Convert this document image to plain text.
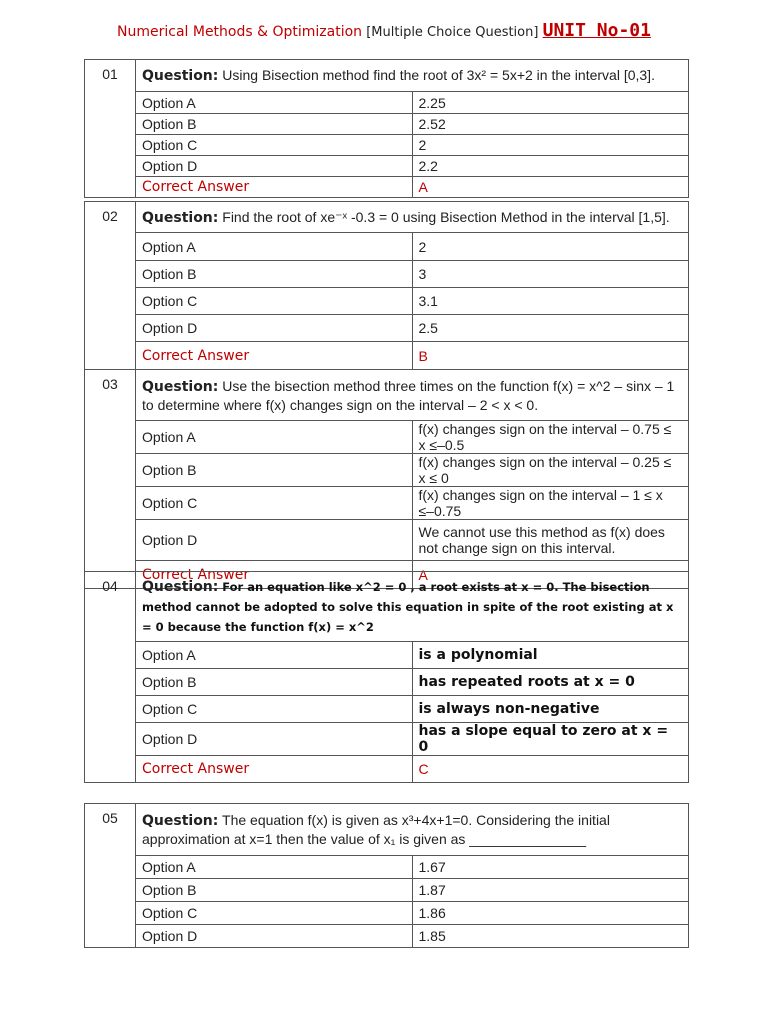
Numerical Methods & Optimization [Multiple Choice Question] UNIT No-01
01	Question: Using Bisection method find the root of 3x² = 5x+2 in the interval [0,3].	
	Option A	2.25
	Option B	2.52
	Option C	2
	Option D	2.2
	Correct Answer	A
02	Question: Find the root of xe⁻ˣ -0.3 = 0 using Bisection Method in the interval [1,5].	
	Option A	2
	Option B	3
	Option C	3.1
	Option D	2.5
	Correct Answer	B
03	Question: Use the bisection method three times on the function f(x) = x^2 – sinx – 1 to determine where f(x) changes sign on the interval – 2 < x < 0.	
	Option A	f(x) changes sign on the interval – 0.75 ≤ x ≤–0.5
	Option B	f(x) changes sign on the interval – 0.25 ≤ x ≤ 0
	Option C	f(x) changes sign on the interval – 1 ≤ x ≤–0.75
	Option D	We cannot use this method as f(x) does not change sign on this interval.
	Correct Answer	A
04	Question: For an equation like x^2 = 0 , a root exists at x = 0. The bisection method cannot be adopted to solve this equation in spite of the root existing at x = 0 because the function f(x) = x^2	
	Option A	is a polynomial
	Option B	has repeated roots at x = 0
	Option C	is always non-negative
	Option D	has a slope equal to zero at x = 0
	Correct Answer	C
05	Question: The equation f(x) is given as x³+4x+1=0. Considering the initial approximation at x=1 then the value of x₁ is given as _______________	
	Option A	1.67
	Option B	1.87
	Option C	1.86
	Option D	1.85
